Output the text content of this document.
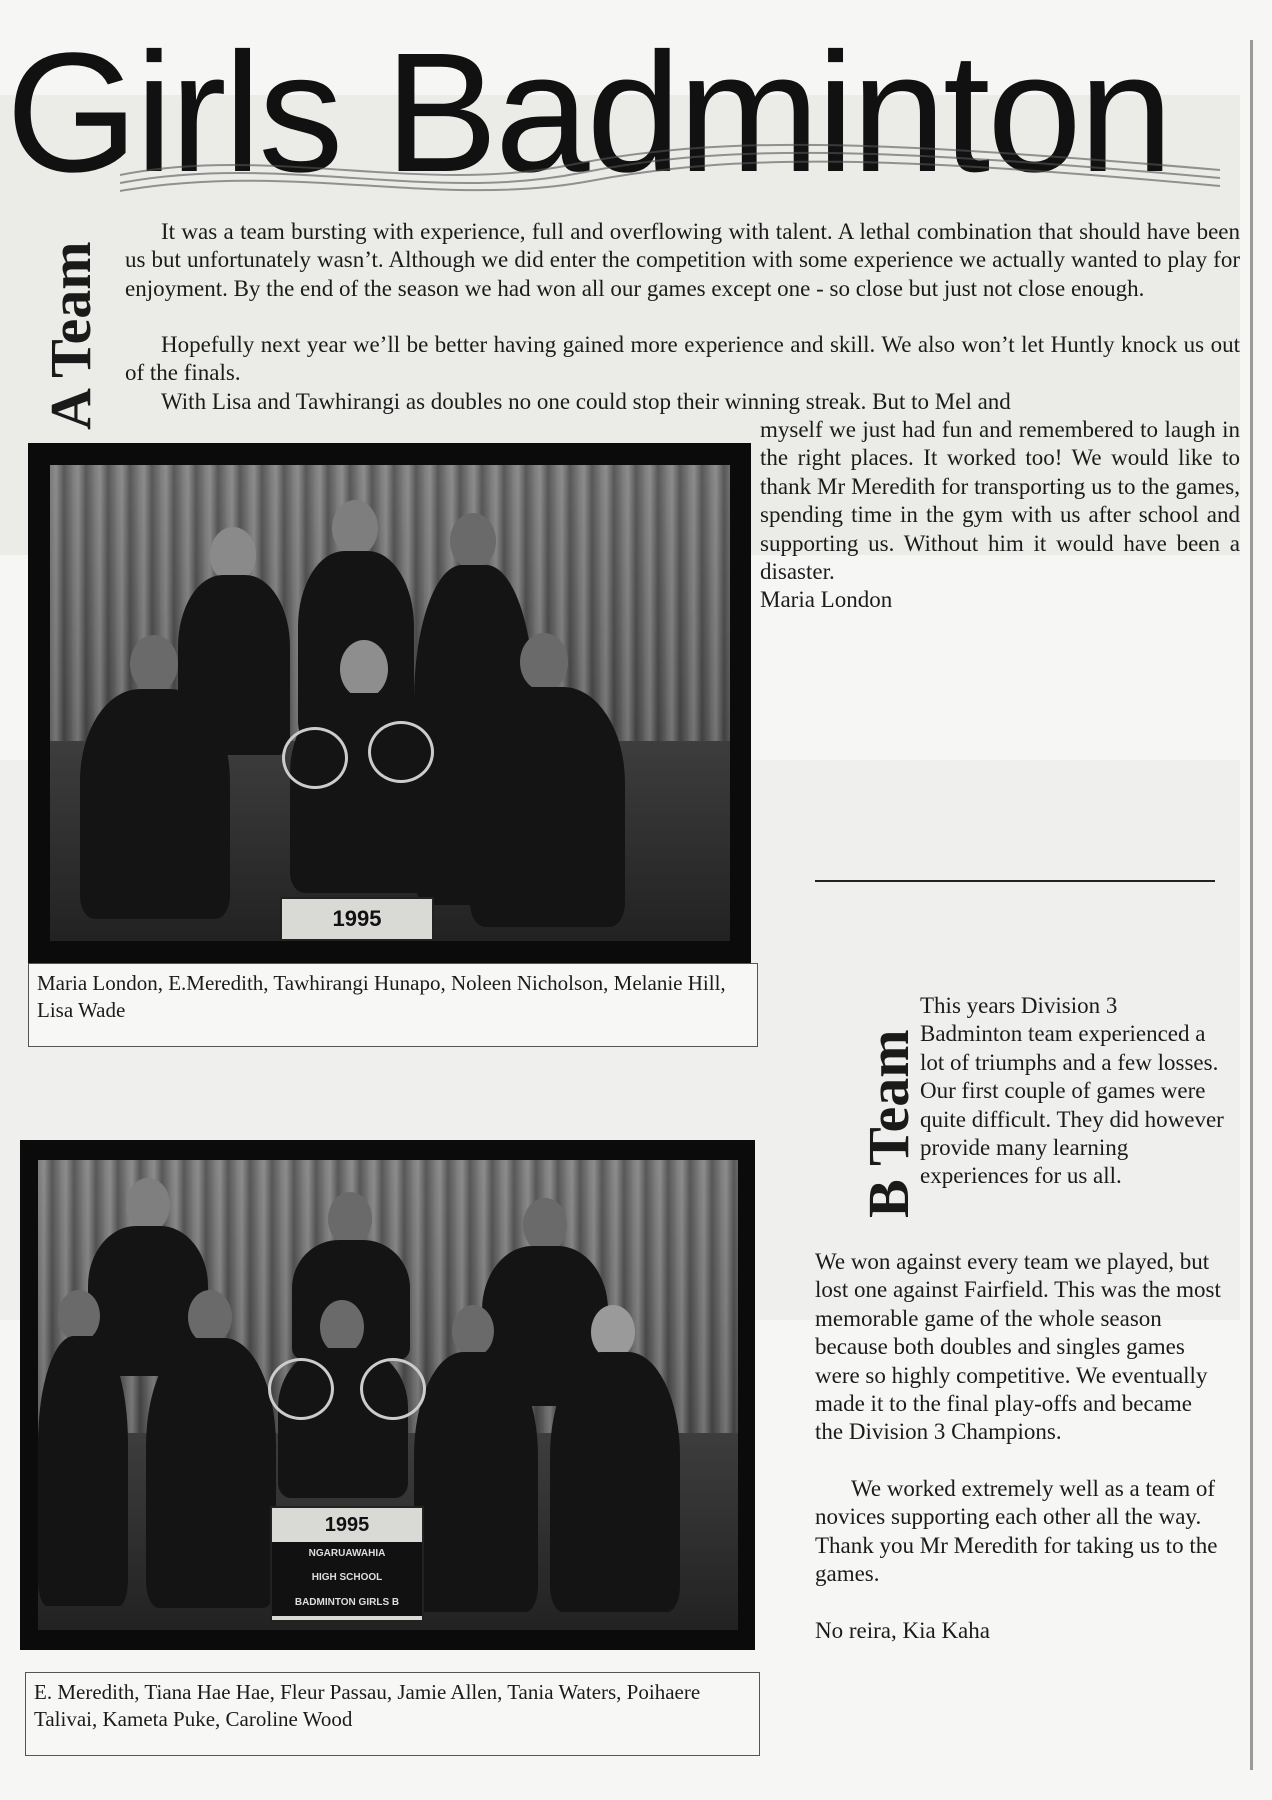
Girls Badminton
A Team

It was a team bursting with experience, full and overflowing with talent. A lethal combination that should have been us but unfortunately wasn’t. Although we did enter the competition with some experience we actually wanted to play for enjoyment. By the end of the season we had won all our games except one - so close but just not close enough.

Hopefully next year we’ll be better having gained more experience and skill. We also won’t let Huntly knock us out of the finals.

With Lisa and Tawhirangi as doubles no one could stop their winning streak. But to Mel and

myself we just had fun and remembered to laugh in the right places. It worked too! We would like to thank Mr Meredith for transporting us to the games, spending time in the gym with us after school and supporting us. Without him it would have been a disaster.
Maria London

1995
Maria London, E.Meredith, Tawhirangi Hunapo, Noleen Nicholson, Melanie Hill, Lisa Wade
B Team

This years Division 3 Badminton team experienced a lot of triumphs and a few losses. Our first couple of games were quite difficult. They did however provide many learning experiences for us all.

We won against every team we played, but lost one against Fairfield. This was the most memorable game of the whole season because both doubles and singles games were so highly competitive. We eventually made it to the final play-offs and became the Division 3 Champions.

We worked extremely well as a team of novices supporting each other all the way. Thank you Mr Meredith for taking us to the games.

No reira, Kia Kaha

1995
NGARUAWAHIA
HIGH SCHOOL
BADMINTON GIRLS B
E. Meredith, Tiana Hae Hae, Fleur Passau, Jamie Allen, Tania Waters, Poihaere Talivai, Kameta Puke, Caroline Wood
